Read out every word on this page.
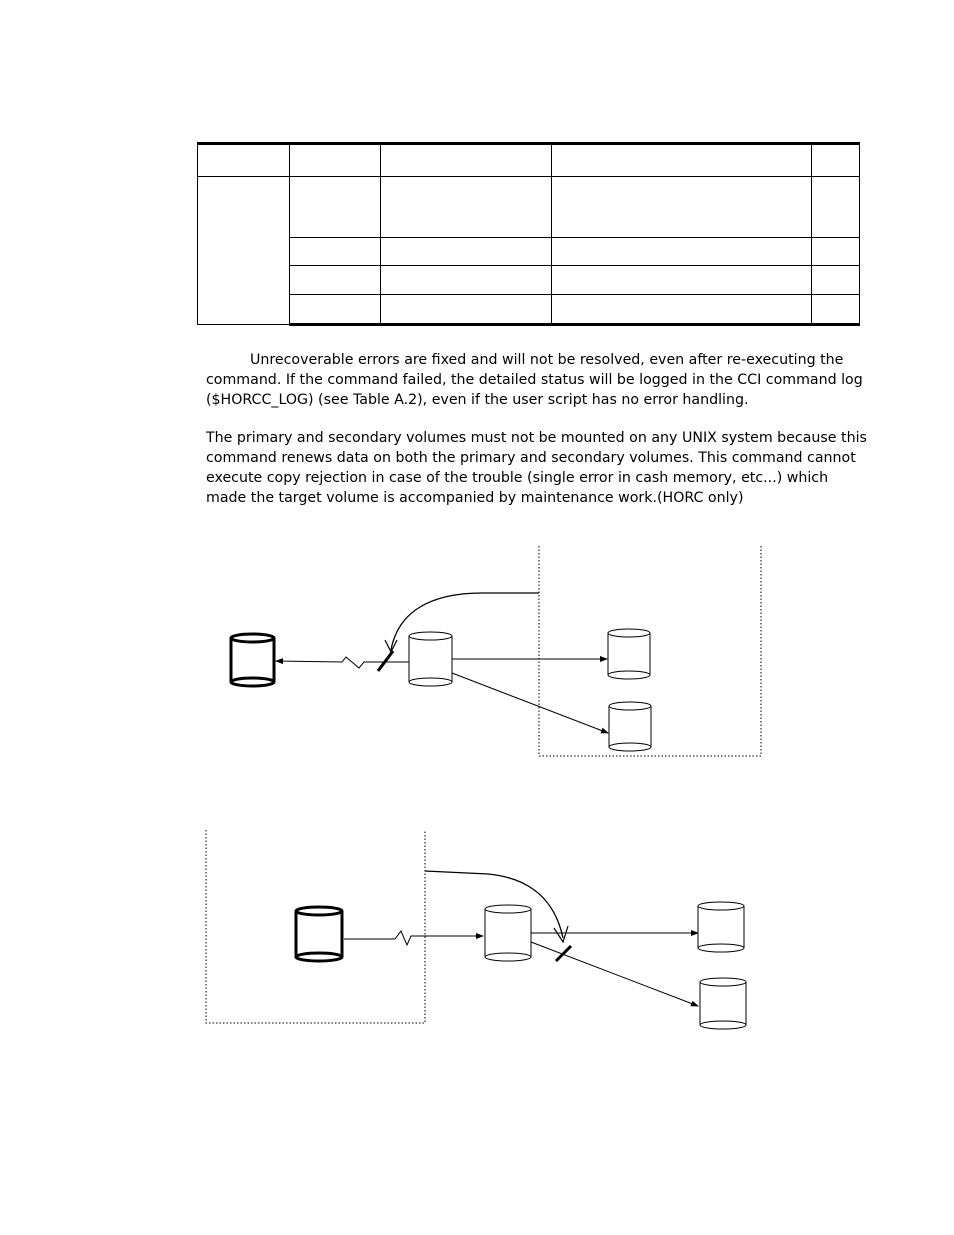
Unrecoverable errors are fixed and will not be resolved, even after re-executing the
command. If the command failed, the detailed status will be logged in the CCI command log
($HORCC_LOG) (see Table A.2), even if the user script has no error handling.

The primary and secondary volumes must not be mounted on any UNIX system because this
command renews data on both the primary and secondary volumes. This command cannot
execute copy rejection in case of the trouble (single error in cash memory, etc...) which
made the target volume is accompanied by maintenance work.(HORC only)
